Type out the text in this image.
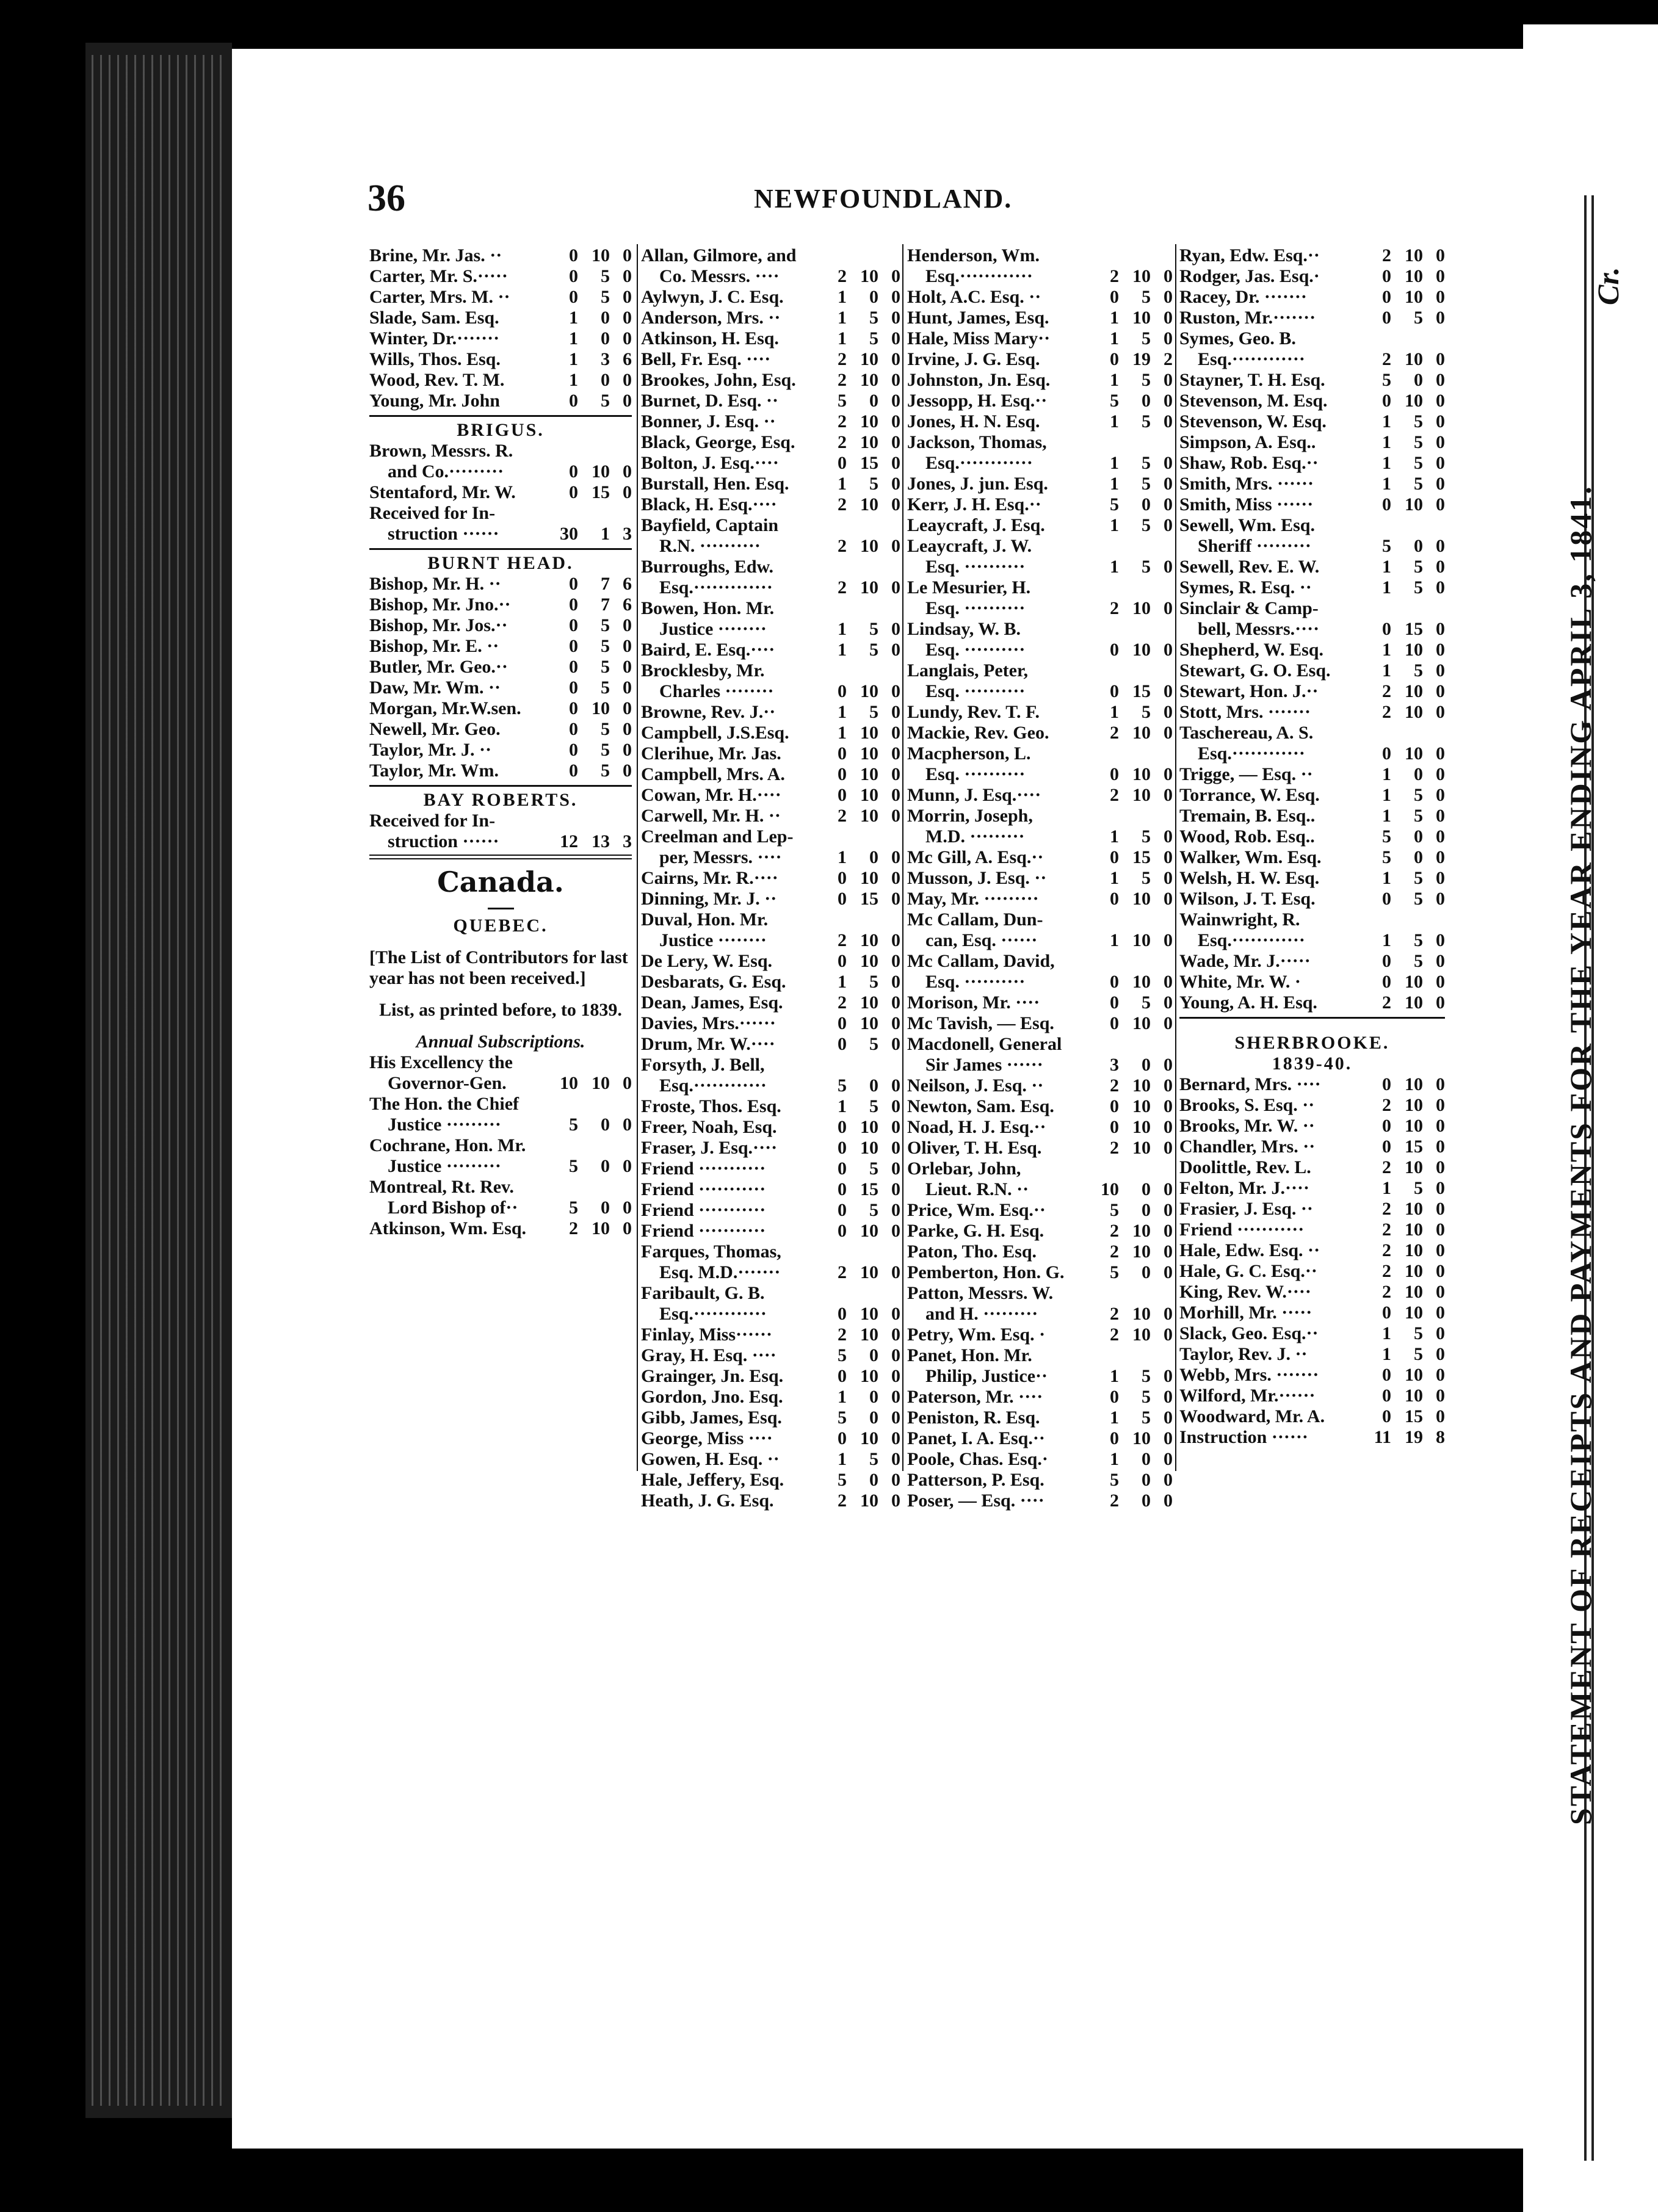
STATEMENT OF RECEIPTS AND PAYMENTS FOR THE YEAR ENDING APRIL 3, 1841.
Cr.
36	NEWFOUNDLAND.
Brine, Mr. Jas. ··	0 10 0
Carter, Mr. S.·····	0	5 0
Carter, Mrs. M. ··	0	5 0
Slade, Sam. Esq.	1	0 0
Winter, Dr.·······	1	0 0
Wills, Thos. Esq.	1	3 6
Wood, Rev. T. M.	1	0 0
Young, Mr. John	0	5 0
BRIGUS.
Brown, Messrs. R.
and Co.·········	0 10 0
Stentaford, Mr. W.	0 15 0
Received for In-
struction ······	30	1 3
BURNT HEAD.
Bishop, Mr. H. ··	0	7 6
Bishop, Mr. Jno.··	0	7 6
Bishop, Mr. Jos.··	0	5 0
Bishop, Mr. E. ··	0	5 0
Butler, Mr. Geo.··	0	5 0
Daw, Mr. Wm. ··	0	5 0
Morgan, Mr.W.sen.	0 10 0
Newell, Mr. Geo.	0	5 0
Taylor, Mr. J. ··	0	5 0
Taylor, Mr. Wm.	0	5 0
BAY ROBERTS.
Received for In-
struction ······	12 13 3
Canada.
QUEBEC.
[The List of Contributors for last year has not been received.]
List, as printed before, to 1839.
Annual Subscriptions.
His Excellency the
Governor-Gen.	10 10 0
The Hon. the Chief
Justice ·········	5	0 0
Cochrane, Hon. Mr.
Justice ·········	5	0 0
Montreal, Rt. Rev.
Lord Bishop of··	5	0 0
Atkinson, Wm. Esq.	2 10 0
Allan, Gilmore, and
Co. Messrs. ····	2 10 0
Aylwyn, J. C. Esq.	1	0 0
Anderson, Mrs. ··	1	5 0
Atkinson, H. Esq.	1	5 0
Bell, Fr. Esq. ····	2 10 0
Brookes, John, Esq.	2 10 0
Burnet, D. Esq. ··	5	0 0
Bonner, J. Esq. ··	2 10 0
Black, George, Esq.	2 10 0
Bolton, J. Esq.····	0 15 0
Burstall, Hen. Esq.	1	5 0
Black, H. Esq.····	2 10 0
Bayfield, Captain
R.N. ··········	2 10 0
Burroughs, Edw.
Esq.·············	2 10 0
Bowen, Hon. Mr.
Justice ········	1	5 0
Baird, E. Esq.····	1	5 0
Brocklesby, Mr.
Charles ········	0 10 0
Browne, Rev. J.··	1	5 0
Campbell, J.S.Esq.	1 10 0
Clerihue, Mr. Jas.	0 10 0
Campbell, Mrs. A.	0 10 0
Cowan, Mr. H.····	0 10 0
Carwell, Mr. H. ··	2 10 0
Creelman and Lep-
per, Messrs. ····	1	0 0
Cairns, Mr. R.····	0 10 0
Dinning, Mr. J. ··	0 15 0
Duval, Hon. Mr.
Justice ········	2 10 0
De Lery, W. Esq.	0 10 0
Desbarats, G. Esq.	1	5 0
Dean, James, Esq.	2 10 0
Davies, Mrs.······	0 10 0
Drum, Mr. W.····	0	5 0
Forsyth, J. Bell,
Esq.············	5	0 0
Froste, Thos. Esq.	1	5 0
Freer, Noah, Esq.	0 10 0
Fraser, J. Esq.····	0 10 0
Friend ···········	0	5 0
Friend ···········	0 15 0
Friend ···········	0	5 0
Friend ···········	0 10 0
Farques, Thomas,
Esq. M.D.·······	2 10 0
Faribault, G. B.
Esq.············	0 10 0
Finlay, Miss······	2 10 0
Gray, H. Esq. ····	5	0 0
Grainger, Jn. Esq.	0 10 0
Gordon, Jno. Esq.	1	0 0
Gibb, James, Esq.	5	0 0
George, Miss ····	0 10 0
Gowen, H. Esq. ··	1	5 0
Hale, Jeffery, Esq.	5	0 0
Heath, J. G. Esq.	2 10 0
Henderson, Wm.
Esq.············	2 10 0
Holt, A.C. Esq. ··	0	5 0
Hunt, James, Esq.	1 10 0
Hale, Miss Mary··	1	5 0
Irvine, J. G. Esq.	0 19 2
Johnston, Jn. Esq.	1	5 0
Jessopp, H. Esq.··	5	0 0
Jones, H. N. Esq.	1	5 0
Jackson, Thomas,
Esq.············	1	5 0
Jones, J. jun. Esq.	1	5 0
Kerr, J. H. Esq.··	5	0 0
Leaycraft, J. Esq.	1	5 0
Leaycraft, J. W.
Esq. ··········	1	5 0
Le Mesurier, H.
Esq. ··········	2 10 0
Lindsay, W. B.
Esq. ··········	0 10 0
Langlais, Peter,
Esq. ··········	0 15 0
Lundy, Rev. T. F.	1	5 0
Mackie, Rev. Geo.	2 10 0
Macpherson, L.
Esq. ··········	0 10 0
Munn, J. Esq.····	2 10 0
Morrin, Joseph,
M.D. ·········	1	5 0
Mc Gill, A. Esq.··	0 15 0
Musson, J. Esq. ··	1	5 0
May, Mr. ·········	0 10 0
Mc Callam, Dun-
can, Esq. ······	1 10 0
Mc Callam, David,
Esq. ··········	0 10 0
Morison, Mr. ····	0	5 0
Mc Tavish, — Esq.	0 10 0
Macdonell, General
Sir James ······	3	0 0
Neilson, J. Esq. ··	2 10 0
Newton, Sam. Esq.	0 10 0
Noad, H. J. Esq.··	0 10 0
Oliver, T. H. Esq.	2 10 0
Orlebar, John,
Lieut. R.N. ··	10	0 0
Price, Wm. Esq.··	5	0 0
Parke, G. H. Esq.	2 10 0
Paton, Tho. Esq.	2 10 0
Pemberton, Hon. G.	5	0 0
Patton, Messrs. W.
and H. ·········	2 10 0
Petry, Wm. Esq. ·	2 10 0
Panet, Hon. Mr.
Philip, Justice··	1	5 0
Paterson, Mr. ····	0	5 0
Peniston, R. Esq.	1	5 0
Panet, I. A. Esq.··	0 10 0
Poole, Chas. Esq.·	1	0 0
Patterson, P. Esq.	5	0 0
Poser, — Esq. ····	2	0 0
Ryan, Edw. Esq.··	2 10 0
Rodger, Jas. Esq.·	0 10 0
Racey, Dr. ·······	0 10 0
Ruston, Mr.·······	0	5 0
Symes, Geo. B.
Esq.············	2 10 0
Stayner, T. H. Esq.	5	0 0
Stevenson, M. Esq.	0 10 0
Stevenson, W. Esq.	1	5 0
Simpson, A. Esq..	1	5 0
Shaw, Rob. Esq.··	1	5 0
Smith, Mrs. ······	1	5 0
Smith, Miss ······	0 10 0
Sewell, Wm. Esq.
Sheriff ·········	5	0 0
Sewell, Rev. E. W.	1	5 0
Symes, R. Esq. ··	1	5 0
Sinclair & Camp-
bell, Messrs.····	0 15 0
Shepherd, W. Esq.	1 10 0
Stewart, G. O. Esq.	1	5 0
Stewart, Hon. J.··	2 10 0
Stott, Mrs. ·······	2 10 0
Taschereau, A. S.
Esq.············	0 10 0
Trigge, — Esq. ··	1	0 0
Torrance, W. Esq.	1	5 0
Tremain, B. Esq..	1	5 0
Wood, Rob. Esq..	5	0 0
Walker, Wm. Esq.	5	0 0
Welsh, H. W. Esq.	1	5 0
Wilson, J. T. Esq.	0	5 0
Wainwright, R.
Esq.············	1	5 0
Wade, Mr. J.·····	0	5 0
White, Mr. W. ·	0 10 0
Young, A. H. Esq.	2 10 0
SHERBROOKE.
1839-40.
Bernard, Mrs. ····	0 10 0
Brooks, S. Esq. ··	2 10 0
Brooks, Mr. W. ··	0 10 0
Chandler, Mrs. ··	0 15 0
Doolittle, Rev. L.	2 10 0
Felton, Mr. J.····	1	5 0
Frasier, J. Esq. ··	2 10 0
Friend ···········	2 10 0
Hale, Edw. Esq. ··	2 10 0
Hale, G. C. Esq.··	2 10 0
King, Rev. W.····	2 10 0
Morhill, Mr. ·····	0 10 0
Slack, Geo. Esq.··	1	5 0
Taylor, Rev. J. ··	1	5 0
Webb, Mrs. ·······	0 10 0
Wilford, Mr.······	0 10 0
Woodward, Mr. A.	0 15 0
Instruction ······	11 19 8
